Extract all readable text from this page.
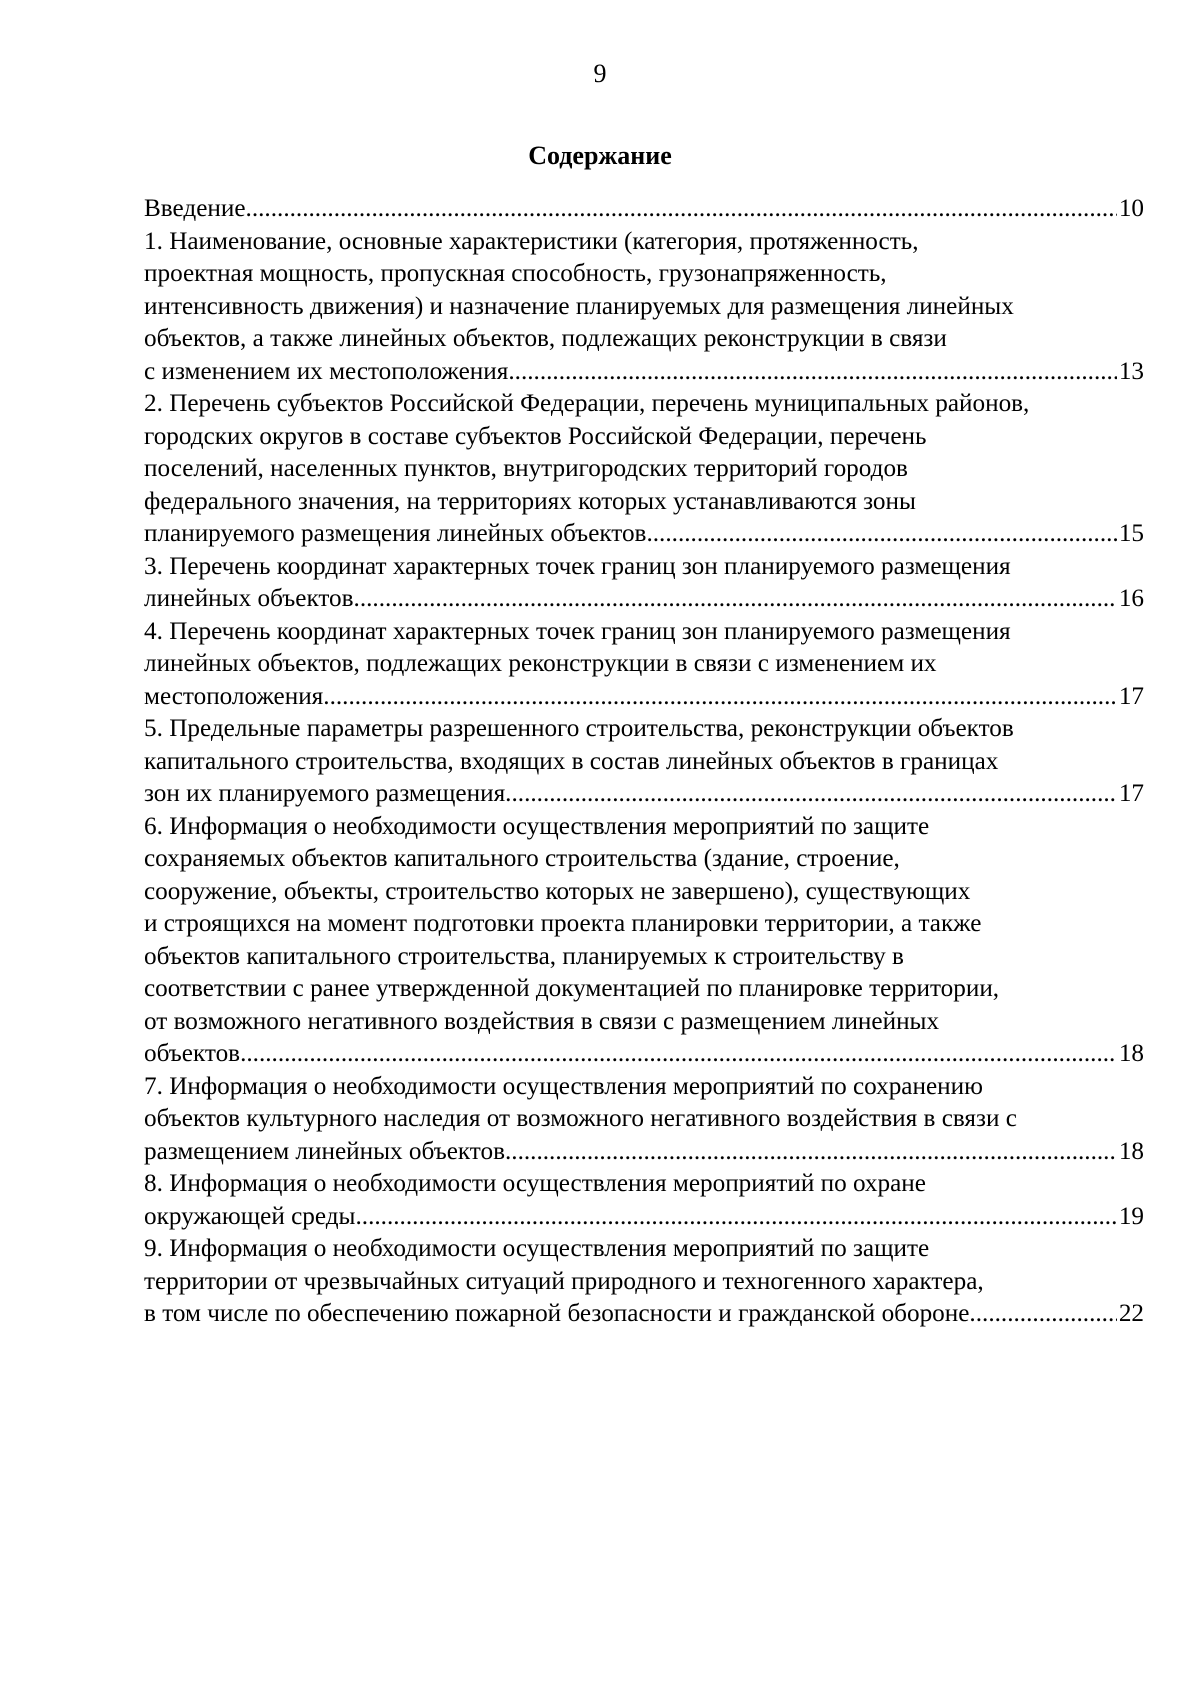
9
Содержание
Введение .....	10
1. Наименование, основные характеристики (категория, протяженность,
проектная мощность, пропускная способность, грузонапряженность,
интенсивность движения) и назначение планируемых для размещения линейных
объектов, а также линейных объектов, подлежащих реконструкции в связи
с изменением их местоположения .....	13
2. Перечень субъектов Российской Федерации, перечень муниципальных районов,
городских округов в составе субъектов Российской Федерации, перечень
поселений, населенных пунктов, внутригородских территорий городов
федерального значения, на территориях которых устанавливаются зоны
планируемого размещения линейных объектов .....	15
3. Перечень координат характерных точек границ зон планируемого размещения
линейных объектов .....	16
4. Перечень координат характерных точек границ зон планируемого размещения
линейных объектов, подлежащих реконструкции в связи с изменением их
местоположения .....	17
5. Предельные параметры разрешенного строительства, реконструкции объектов
капитального строительства, входящих в состав линейных объектов в границах
зон их планируемого размещения .....	17
6. Информация о необходимости осуществления мероприятий по защите
сохраняемых объектов капитального строительства (здание, строение,
сооружение, объекты, строительство которых не завершено), существующих
и строящихся на момент подготовки проекта планировки территории, а также
объектов капитального строительства, планируемых к строительству в
соответствии с ранее утвержденной документацией по планировке территории,
от возможного негативного воздействия в связи с размещением линейных
объектов .....	18
7. Информация о необходимости осуществления мероприятий по сохранению
объектов культурного наследия от возможного негативного воздействия в связи с
размещением линейных объектов .....	18
8. Информация о необходимости осуществления мероприятий по охране
окружающей среды .....	19
9. Информация о необходимости осуществления мероприятий по защите
территории от чрезвычайных ситуаций природного и техногенного характера,
в том числе по обеспечению пожарной безопасности и гражданской обороне .....	22
